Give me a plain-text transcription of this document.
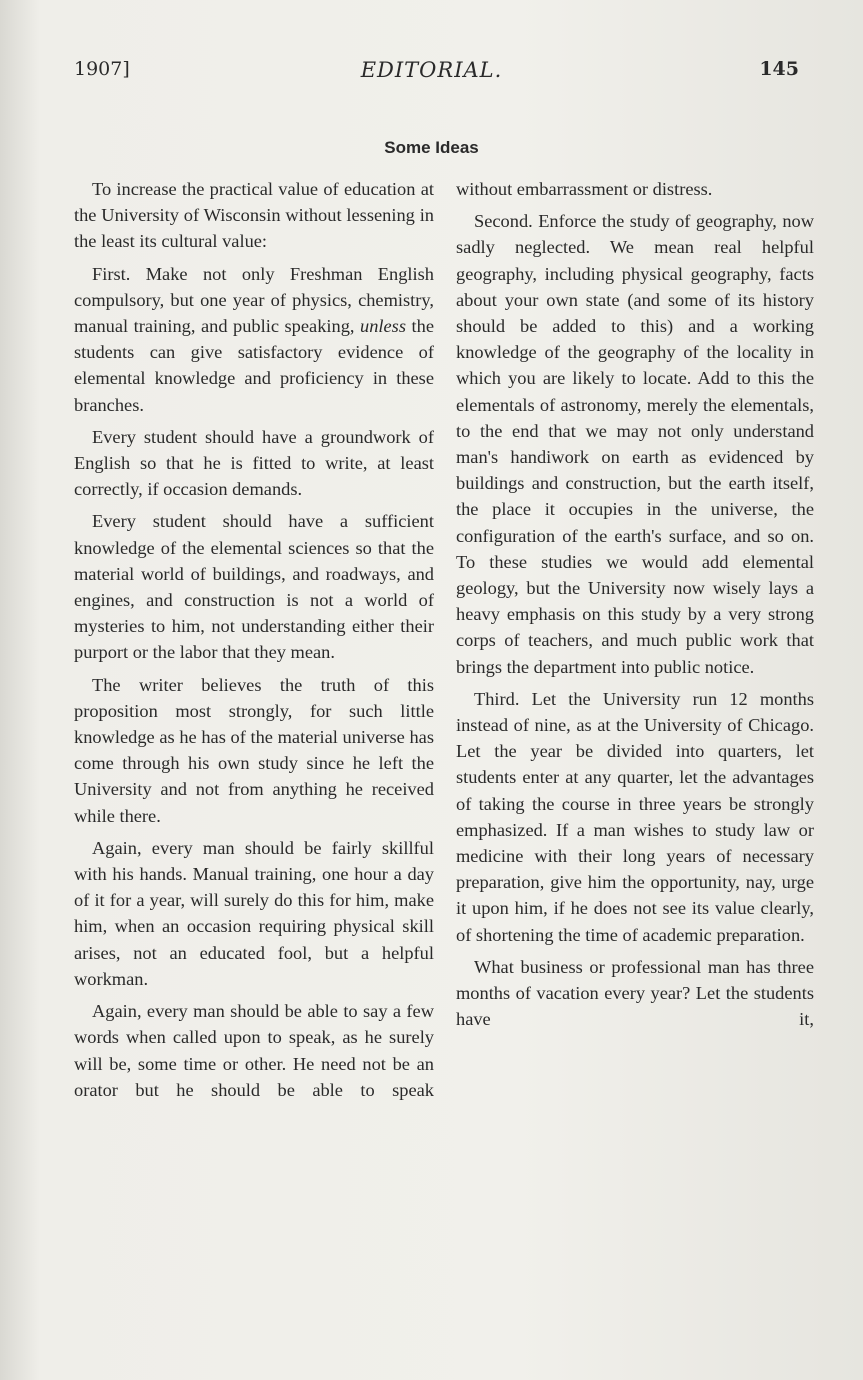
1907]	EDITORIAL.	145
Some Ideas

To increase the practical value of education at the University of Wisconsin without lessening in the least its cultural value:

First. Make not only Freshman English compulsory, but one year of physics, chemistry, manual training, and public speaking, unless the students can give satisfactory evidence of elemental knowledge and proficiency in these branches.

Every student should have a groundwork of English so that he is fitted to write, at least correctly, if occasion demands.

Every student should have a sufficient knowledge of the elemental sciences so that the material world of buildings, and roadways, and engines, and construction is not a world of mysteries to him, not understanding either their purport or the labor that they mean.

The writer believes the truth of this proposition most strongly, for such little knowledge as he has of the material universe has come through his own study since he left the University and not from anything he received while there.

Again, every man should be fairly skillful with his hands. Manual training, one hour a day of it for a year, will surely do this for him, make him, when an occasion requiring physical skill arises, not an educated fool, but a helpful workman.

Again, every man should be able to say a few words when called upon to speak, as he surely will be, some time or other. He need not be an orator but he should be able to speak

without embarrassment or distress.

Second. Enforce the study of geography, now sadly neglected. We mean real helpful geography, including physical geography, facts about your own state (and some of its history should be added to this) and a working knowledge of the geography of the locality in which you are likely to locate. Add to this the elementals of astronomy, merely the elementals, to the end that we may not only understand man's handiwork on earth as evidenced by buildings and construction, but the earth itself, the place it occupies in the universe, the configuration of the earth's surface, and so on. To these studies we would add elemental geology, but the University now wisely lays a heavy emphasis on this study by a very strong corps of teachers, and much public work that brings the department into public notice.

Third. Let the University run 12 months instead of nine, as at the University of Chicago. Let the year be divided into quarters, let students enter at any quarter, let the advantages of taking the course in three years be strongly emphasized. If a man wishes to study law or medicine with their long years of necessary preparation, give him the opportunity, nay, urge it upon him, if he does not see its value clearly, of shortening the time of academic preparation.

What business or professional man has three months of vacation every year? Let the students have it,
